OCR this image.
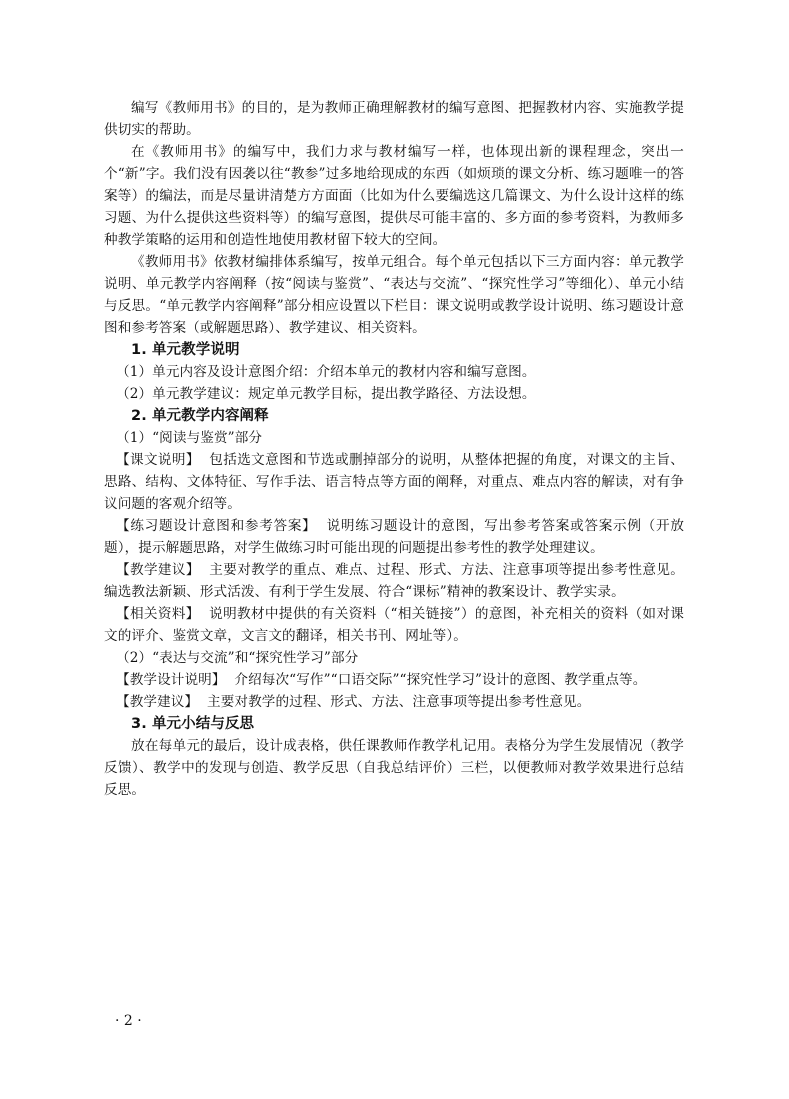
编写《教师用书》的目的，是为教师正确理解教材的编写意图、把握教材内容、实施教学提供切实的帮助。

在《教师用书》的编写中，我们力求与教材编写一样，也体现出新的课程理念，突出一个“新”字。我们没有因袭以往“教参”过多地给现成的东西（如烦琐的课文分析、练习题唯一的答案等）的编法，而是尽量讲清楚方方面面（比如为什么要编选这几篇课文、为什么设计这样的练习题、为什么提供这些资料等）的编写意图，提供尽可能丰富的、多方面的参考资料，为教师多种教学策略的运用和创造性地使用教材留下较大的空间。

《教师用书》依教材编排体系编写，按单元组合。每个单元包括以下三方面内容：单元教学说明、单元教学内容阐释（按“阅读与鉴赏”、“表达与交流”、“探究性学习”等细化）、单元小结与反思。“单元教学内容阐释”部分相应设置以下栏目：课文说明或教学设计说明、练习题设计意图和参考答案（或解题思路）、教学建议、相关资料。

1. 单元教学说明

（1）单元内容及设计意图介绍：介绍本单元的教材内容和编写意图。

（2）单元教学建议：规定单元教学目标，提出教学路径、方法设想。

2. 单元教学内容阐释

（1）“阅读与鉴赏”部分

【课文说明】 包括选文意图和节选或删掉部分的说明，从整体把握的角度，对课文的主旨、思路、结构、文体特征、写作手法、语言特点等方面的阐释，对重点、难点内容的解读，对有争议问题的客观介绍等。

【练习题设计意图和参考答案】 说明练习题设计的意图，写出参考答案或答案示例（开放题），提示解题思路，对学生做练习时可能出现的问题提出参考性的教学处理建议。

【教学建议】 主要对教学的重点、难点、过程、形式、方法、注意事项等提出参考性意见。编选教法新颖、形式活泼、有利于学生发展、符合“课标”精神的教案设计、教学实录。

【相关资料】 说明教材中提供的有关资料（“相关链接”）的意图，补充相关的资料（如对课文的评介、鉴赏文章，文言文的翻译，相关书刊、网址等）。

（2）“表达与交流”和“探究性学习”部分

【教学设计说明】 介绍每次“写作”“口语交际”“探究性学习”设计的意图、教学重点等。

【教学建议】 主要对教学的过程、形式、方法、注意事项等提出参考性意见。

3. 单元小结与反思

放在每单元的最后，设计成表格，供任课教师作教学札记用。表格分为学生发展情况（教学反馈）、教学中的发现与创造、教学反思（自我总结评价）三栏，以便教师对教学效果进行总结反思。

· 2 ·
